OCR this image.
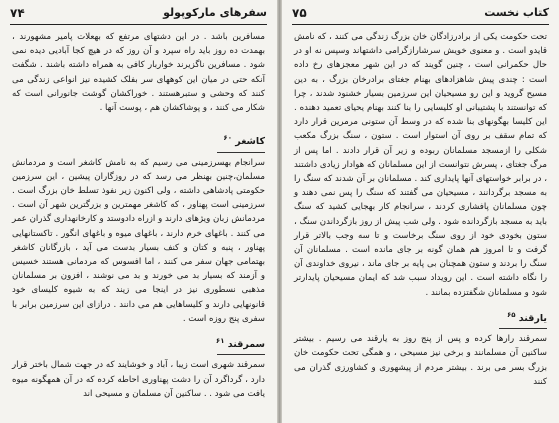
سفرهای مارکوپولو
۷۴

مسافرین باشد . در این دشتهای مرتفع که بهعلات پامیر مشهورند ، بهمدت ده روز باید راه سپرد و آن روز که در هیچ کجا آبادیی دیده نمی شود . مسافرین ناگزیرند خواربار کافی به همراه داشته باشند . شگفت آنکه حتی در میان این کوههای سر بفلک کشیده نیز انواعی زندگی می کنند که وحشی و ستبرهستند . خوراکشان گوشت جانورانی است که شکار می کنند ، و پوشاکشان هم ، پوست آنها .

کاشغر $^{۶۰}$

سرانجام بهسرزمینی می رسیم که به نامش کاشغر است و مردمانش مسلمان،چنین بهنظر می رسد که در روزگاران پیشین ، این سرزمین حکومتی پادشاهی داشته ، ولی اکنون زیر نفوذ تسلط خان بزرگ است . سرزمینی است پهناور ، که کاشغر مهمترین و بزرگترین شهر آن است . مردمانش زبان ویژهای دارند و ازراه دادوستد و کارخانهداری گذران عمر می کنند . باغهای خرم دارند ، باغهای میوه و باغهای انگور . تاکستانهایی پهناور ، پنبه و کتان و کنف بسیار بدست می آید ، بازرگانان کاشغر بهتمامی جهان سفر می کنند ، اما افسوس که مردمانی هستند خسیس و آزمند که بسیار بد می خورند و بد می نوشند ، افزون بر مسلمانان مذهبی نسطوری نیز در اینجا می زیند که به شیوه کلیسای خود قانونهایی دارند و کلیساهایی هم می دانند . درازای این سرزمین برابر با سفری پنج روزه است .

سمرقند $^{۶۱}$

سمرقند شهری است زیبا ، آباد و خوشایند که در جهت شمال باختر قرار دارد ، گرداگرد آن را دشت پهناوری احاطه کرده که در آن همهگونه میوه یافت می شود . . ساکنین آن مسلمان و مسیحی اند

کتاب نخست
۷۵

تحت حکومت یکی از برادرزادگان خان بزرگ زندگی می کنند ، که نامش قایدو است . و معنوی خویش سرشارازگرامی داشتهاند وسپس نه او در حال حکمرانی است ، چنین گویند که در این شهر معجزهای رخ داده است : چندی پیش شاهزادهای بهنام جغتای برادرخان بزرگ ، به دین مسیح گروید و این رو مسیحیان این سرزمین بسیار خشنود شدند ، چرا که توانستند با پشتیبانی او کلیسایی را بنا کنند بهنام یحیای تعمید دهنده . این کلیسا بهگونهای بنا شده که در وسط آن ستونی مرمرین قرار دارد که تمام سقف بر روی آن استوار است . ستون ، سنگ بزرگ مکعب شکلی را ازمسجد مسلمانان ربوده و زیر آن قرار دادند . اما پس از مرگ جغتای ، پسرش نتوانست از این مسلمانان که هوادار زیادی داشتند ، در برابر خواستهای آنها پایداری کند . مسلمانان بر آن شدند که سنگ را به مسجد برگردانند ، مسیحیان می گفتند که سنگ را پس نمی دهند و چون مسلمانان پافشاری کردند ، سرانجام کار بهجایی کشید که سنگ باید به مسجد بازگردانده شود . ولی شب پیش از روز بازگرداندن سنگ ، ستون بخودی خود از روی سنگ برخاست و تا سه وجب بالاتر قرار گرفت و تا امروز هم همان گونه بر جای مانده است . مسلمانان آن سنگ را بردند و ستون همچنان بی پایه بر جای ماند ، نیروی خداوندی آن را نگاه داشته است . این رویداد سبب شد که ایمان مسیحیان پایدارتر شود و مسلمانان شگفتزده بمانند .

یارقند $^{۶۵}$

سمرقند رارها کرده و پس از پنج روز به یارقند می رسیم . بیشتر ساکنین آن مسلمانند و برخی نیز مسیحی ، و همگی تحت حکومت خان بزرگ بسر می برند . بیشتر مردم از پیشهوری و کشاورزی گذران می کنند
